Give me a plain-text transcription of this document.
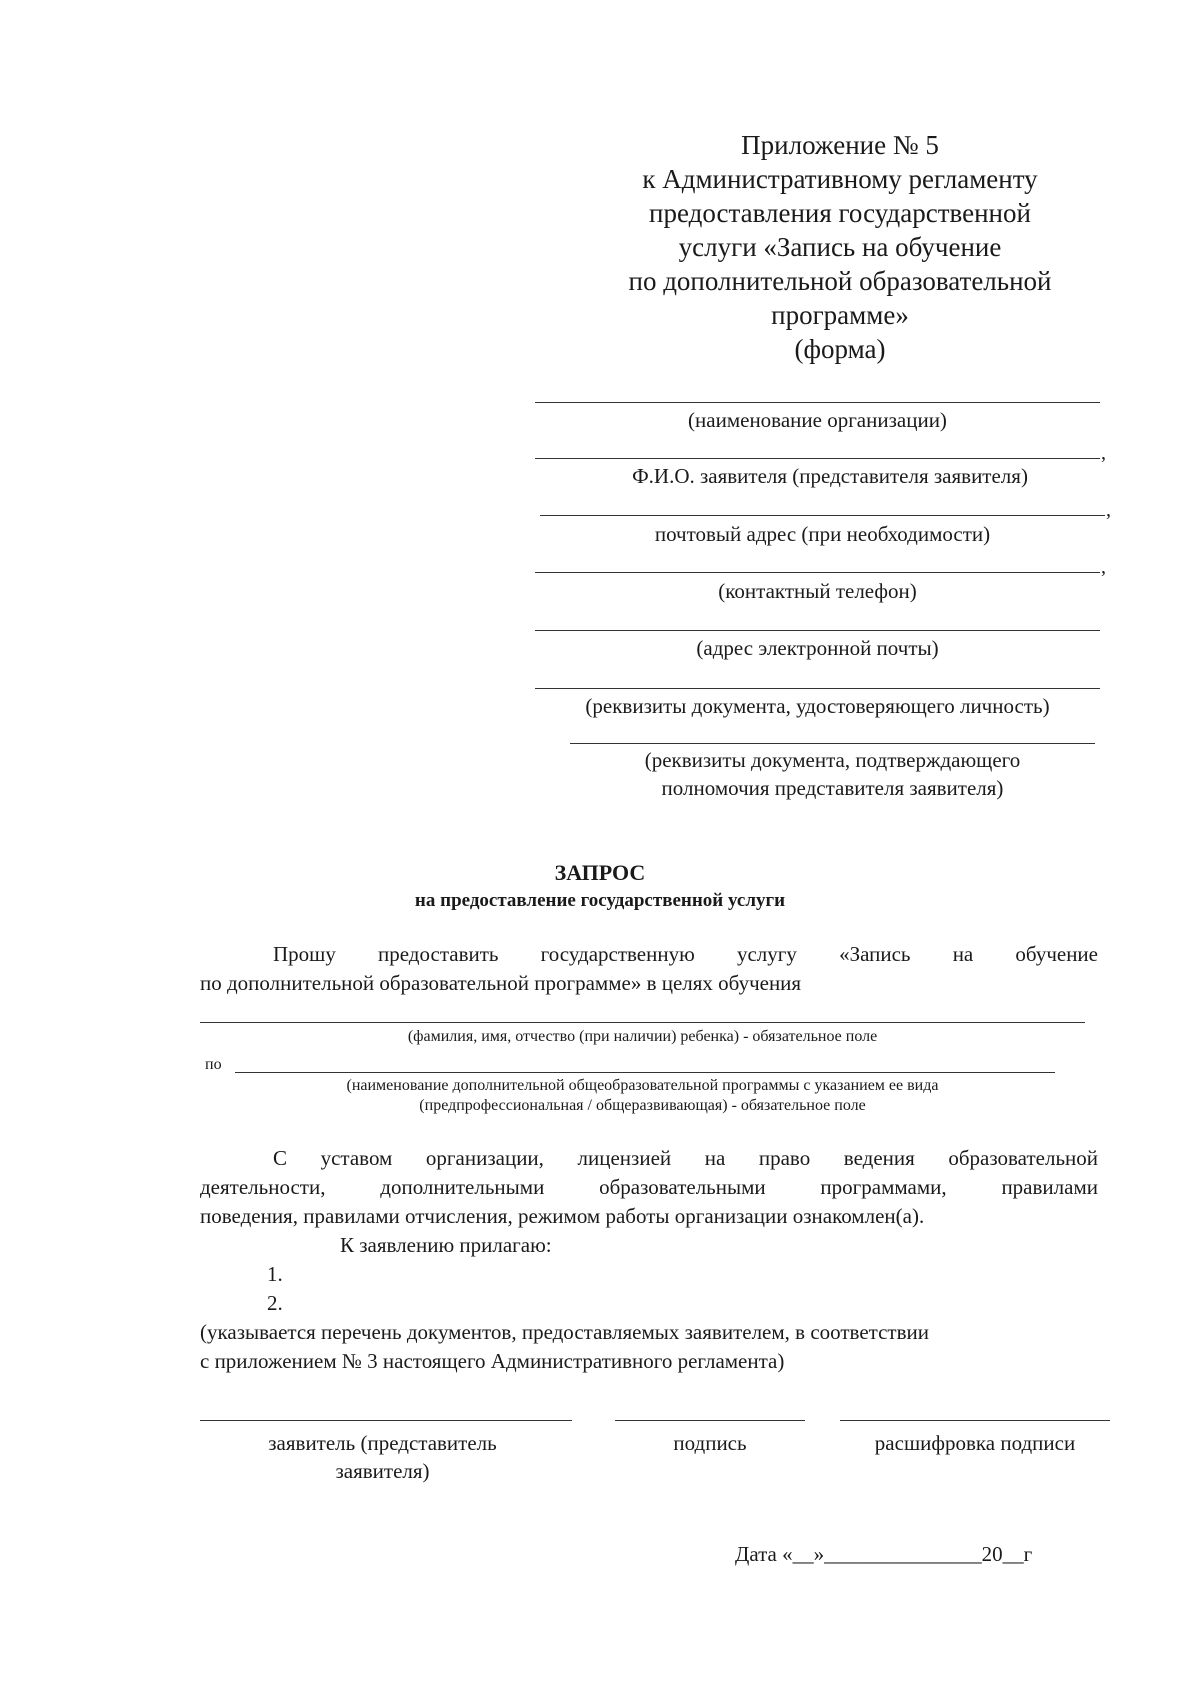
Приложение № 5
к Административному регламенту
предоставления государственной
услуги «Запись на обучение
по дополнительной образовательной
программе»
(форма)
(наименование организации)
,
Ф.И.О. заявителя (представителя заявителя)
,
почтовый адрес (при необходимости)
,
(контактный телефон)
(адрес электронной почты)
(реквизиты документа, удостоверяющего личность)
(реквизиты документа, подтверждающего
полномочия представителя заявителя)
ЗАПРОС
на предоставление государственной услуги
Прошу предоставить государственную услугу «Запись на обучение
по дополнительной образовательной программе» в целях обучения
(фамилия, имя, отчество (при наличии) ребенка) - обязательное поле
по
(наименование дополнительной общеобразовательной программы с указанием ее вида
(предпрофессиональная / общеразвивающая) - обязательное поле
С уставом организации, лицензией на право ведения образовательной
деятельности, дополнительными образовательными программами, правилами
поведения, правилами отчисления, режимом работы организации ознакомлен(а).
К заявлению прилагаю:
1.
2.
(указывается перечень документов, предоставляемых заявителем, в соответствии
с приложением № 3 настоящего Административного регламента)
заявитель (представитель
заявителя)
подпись	расшифровка подписи
Дата «__»_______________20__г
